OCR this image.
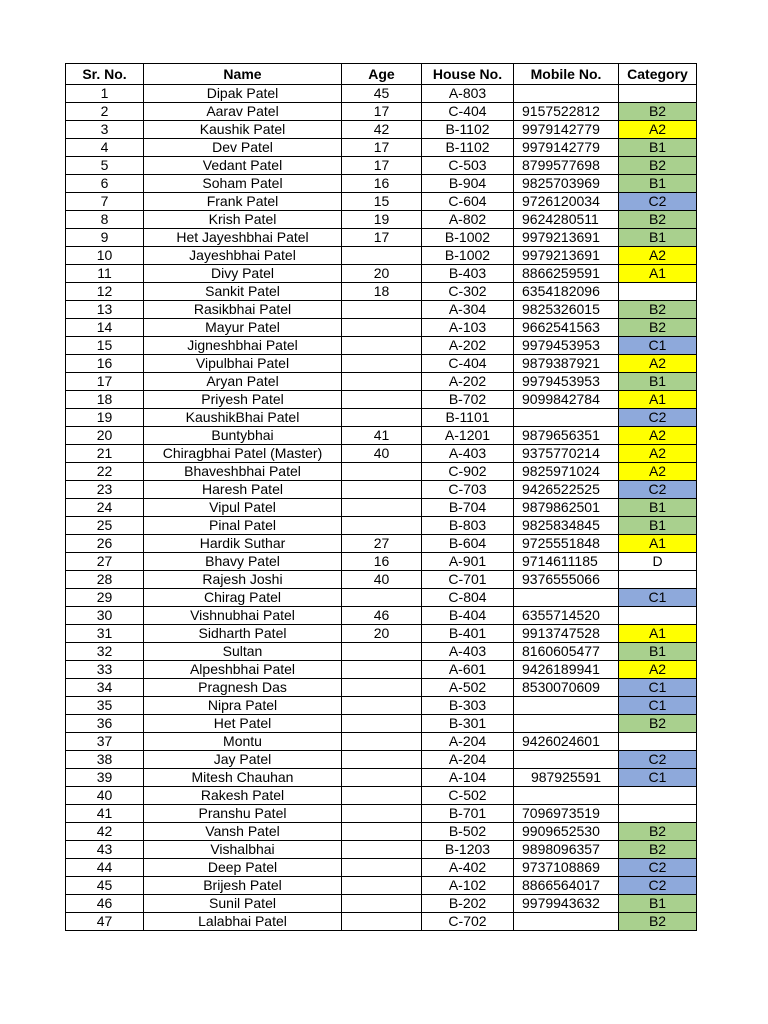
Sr. No.	Name	Age	House No.	Mobile No.	Category
1	Dipak Patel	45	A-803		
2	Aarav Patel	17	C-404	9157522812	B2
3	Kaushik Patel	42	B-1102	9979142779	A2
4	Dev Patel	17	B-1102	9979142779	B1
5	Vedant Patel	17	C-503	8799577698	B2
6	Soham Patel	16	B-904	9825703969	B1
7	Frank Patel	15	C-604	9726120034	C2
8	Krish Patel	19	A-802	9624280511	B2
9	Het Jayeshbhai Patel	17	B-1002	9979213691	B1
10	Jayeshbhai Patel		B-1002	9979213691	A2
11	Divy Patel	20	B-403	8866259591	A1
12	Sankit Patel	18	C-302	6354182096	
13	Rasikbhai Patel		A-304	9825326015	B2
14	Mayur Patel		A-103	9662541563	B2
15	Jigneshbhai Patel		A-202	9979453953	C1
16	Vipulbhai Patel		C-404	9879387921	A2
17	Aryan Patel		A-202	9979453953	B1
18	Priyesh Patel		B-702	9099842784	A1
19	KaushikBhai Patel		B-1101		C2
20	Buntybhai	41	A-1201	9879656351	A2
21	Chiragbhai Patel (Master)	40	A-403	9375770214	A2
22	Bhaveshbhai Patel		C-902	9825971024	A2
23	Haresh Patel		C-703	9426522525	C2
24	Vipul Patel		B-704	9879862501	B1
25	Pinal Patel		B-803	9825834845	B1
26	Hardik Suthar	27	B-604	9725551848	A1
27	Bhavy Patel	16	A-901	9714611185	D
28	Rajesh Joshi	40	C-701	9376555066	
29	Chirag Patel		C-804		C1
30	Vishnubhai Patel	46	B-404	6355714520	
31	Sidharth Patel	20	B-401	9913747528	A1
32	Sultan		A-403	8160605477	B1
33	Alpeshbhai Patel		A-601	9426189941	A2
34	Pragnesh Das		A-502	8530070609	C1
35	Nipra Patel		B-303		C1
36	Het Patel		B-301		B2
37	Montu		A-204	9426024601	
38	Jay Patel		A-204		C2
39	Mitesh Chauhan		A-104	987925591	C1
40	Rakesh Patel		C-502		
41	Pranshu Patel		B-701	7096973519	
42	Vansh Patel		B-502	9909652530	B2
43	Vishalbhai		B-1203	9898096357	B2
44	Deep Patel		A-402	9737108869	C2
45	Brijesh Patel		A-102	8866564017	C2
46	Sunil Patel		B-202	9979943632	B1
47	Lalabhai Patel		C-702		B2
